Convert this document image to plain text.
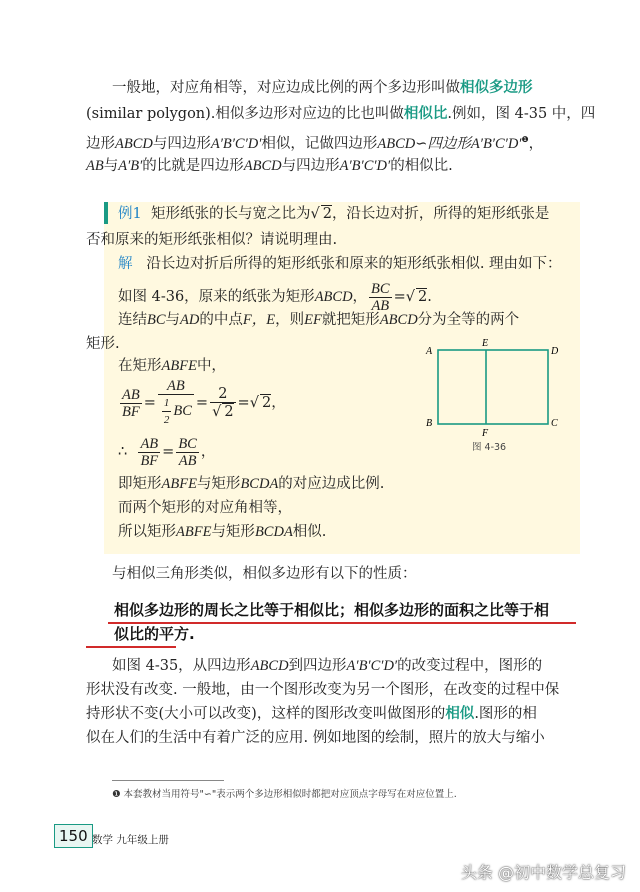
一般地，对应角相等，对应边成比例的两个多边形叫做相似多边形
(similar polygon).相似多边形对应边的比也叫做相似比.例如，图 4-35 中，四
边形ABCD与四边形A′B′C′D′相似，记做四边形ABCD∽四边形$A'B'C'D'^❶$，
AB与A′B′的比就是四边形ABCD与四边形A′B′C′D′的相似比.
例1 矩形纸张的长与宽之比为√ 2，沿长边对折，所得的矩形纸张是
否和原来的矩形纸张相似？请说明理由.
解 沿长边对折后所得的矩形纸张和原来的矩形纸张相似. 理由如下：
如图 4-36，原来的纸张为矩形ABCD， $\frac{BC}{AB}$ =√ 2.
连结BC与AD的中点F，E，则EF就把矩形ABCD分为全等的两个
矩形.
在矩形ABFE中，
$\frac{AB}{BF} = \frac{AB}{\frac{1}{2} BC} = \frac{2}{√ 2}$ =√ 2，
∴ $\frac{AB}{BF} = \frac{BC}{AB}$ ，
即矩形ABFE与矩形BCDA的对应边成比例.
而两个矩形的对应角相等，
所以矩形ABFE与矩形BCDA相似.
A
E
D
B
F
C
图 4-36
与相似三角形类似，相似多边形有以下的性质：
相似多边形的周长之比等于相似比；相似多边形的面积之比等于相
似比的平方.
如图 4-35，从四边形ABCD到四边形A′B′C′D′的改变过程中，图形的
形状没有改变. 一般地，由一个图形改变为另一个图形，在改变的过程中保
持形状不变(大小可以改变)，这样的图形改变叫做图形的相似.图形的相
似在人们的生活中有着广泛的应用. 例如地图的绘制，照片的放大与缩小
❶ 本套教材当用符号"∽"表示两个多边形相似时都把对应顶点字母写在对应位置上.
150 数学 九年级上册
头条 @初中数学总复习
